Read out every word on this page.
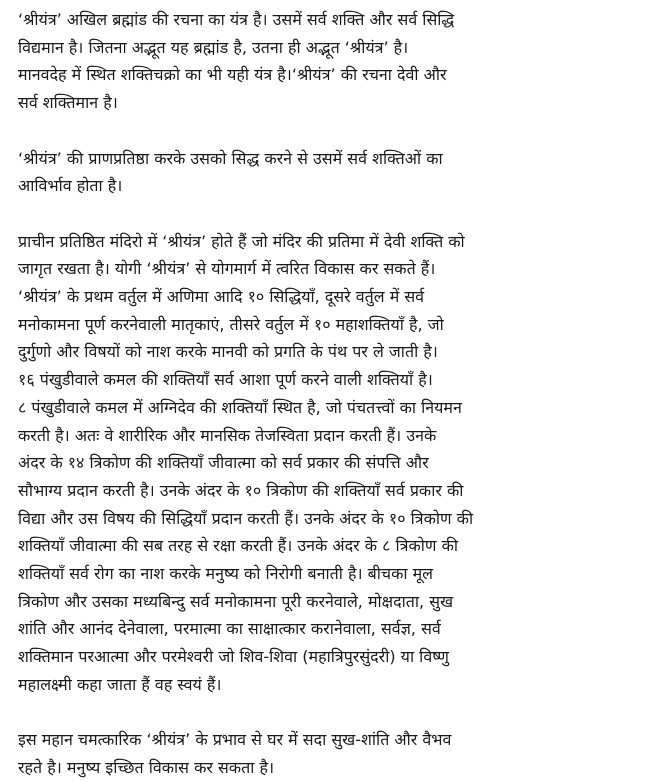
‘श्रीयंत्र’ अखिल ब्रह्मांड की रचना का यंत्र है। उसमें सर्व शक्ति और सर्व सिद्धि
विद्यमान है। जितना अद्भूत यह ब्रह्मांड है, उतना ही अद्भूत ‘श्रीयंत्र’ है।
मानवदेह में स्थित शक्तिचक्रो का भी यही यंत्र है।‘श्रीयंत्र’ की रचना देवी और
सर्व शक्तिमान है।

‘श्रीयंत्र’ की प्राणप्रतिष्ठा करके उसको सिद्ध करने से उसमें सर्व शक्तिओं का
आविर्भाव होता है।

प्राचीन प्रतिष्ठित मंदिरो में ‘श्रीयंत्र’ होते हैं जो मंदिर की प्रतिमा में देवी शक्ति को
जागृत रखता है। योगी ‘श्रीयंत्र’ से योगमार्ग में त्वरित विकास कर सकते हैं।
‘श्रीयंत्र’ के प्रथम वर्तुल में अणिमा आदि १० सिद्धियाँ, दूसरे वर्तुल में सर्व
मनोकामना पूर्ण करनेवाली मातृकाएं, तीसरे वर्तुल में १० महाशक्तियाँ है, जो
दुर्गुणो और विषयों को नाश करके मानवी को प्रगति के पंथ पर ले जाती है।
१६ पंखुडीवाले कमल की शक्तियाँ सर्व आशा पूर्ण करने वाली शक्तियाँ है।
८ पंखुडीवाले कमल में अग्निदेव की शक्तियाँ स्थित है, जो पंचतत्त्वों का नियमन
करती है। अतः वे शारीरिक और मानसिक तेजस्विता प्रदान करती हैं। उनके
अंदर के १४ त्रिकोण की शक्तियाँ जीवात्मा को सर्व प्रकार की संपत्ति और
सौभाग्य प्रदान करती है। उनके अंदर के १० त्रिकोण की शक्तियाँ सर्व प्रकार की
विद्या और उस विषय की सिद्धियाँ प्रदान करती हैं। उनके अंदर के १० त्रिकोण की
शक्तियाँ जीवात्मा की सब तरह से रक्षा करती हैं। उनके अंदर के ८ त्रिकोण की
शक्तियाँ सर्व रोग का नाश करके मनुष्य को निरोगी बनाती है। बीचका मूल
त्रिकोण और उसका मध्यबिन्दु सर्व मनोकामना पूरी करनेवाले, मोक्षदाता, सुख
शांति और आनंद देनेवाला, परमात्मा का साक्षात्कार करानेवाला, सर्वज्ञ, सर्व
शक्तिमान परआत्मा और परमेश्वरी जो शिव-शिवा (महात्रिपुरसुंदरी) या विष्णु
महालक्ष्मी कहा जाता हैं वह स्वयं हैं।

इस महान चमत्कारिक ‘श्रीयंत्र’ के प्रभाव से घर में सदा सुख-शांति और वैभव
रहते है। मनुष्य इच्छित विकास कर सकता है।
